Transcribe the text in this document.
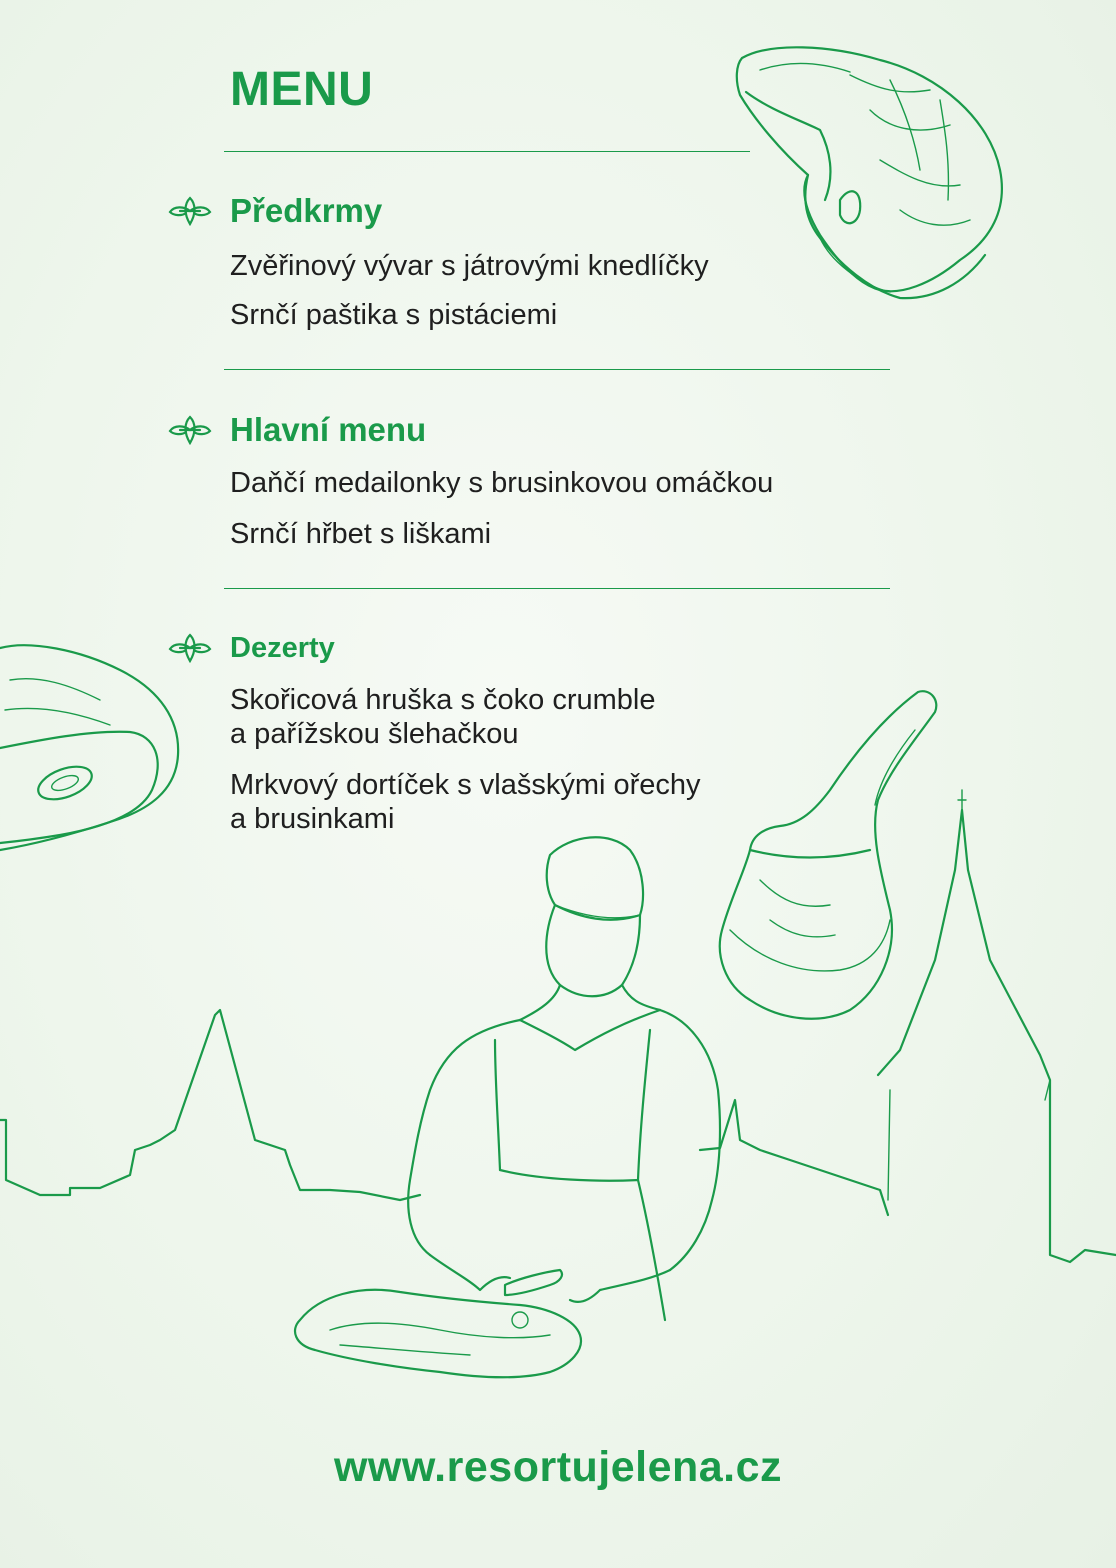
MENU
Předkrmy
Zvěřinový vývar s játrovými knedlíčky
Srnčí paštika s pistáciemi
Hlavní menu
Daňčí medailonky s brusinkovou omáčkou
Srnčí hřbet s liškami
Dezerty
Skořicová hruška s čoko crumble
a pařížskou šlehačkou
Mrkvový dortíček s vlašskými ořechy
a brusinkami
www.resortujelena.cz
